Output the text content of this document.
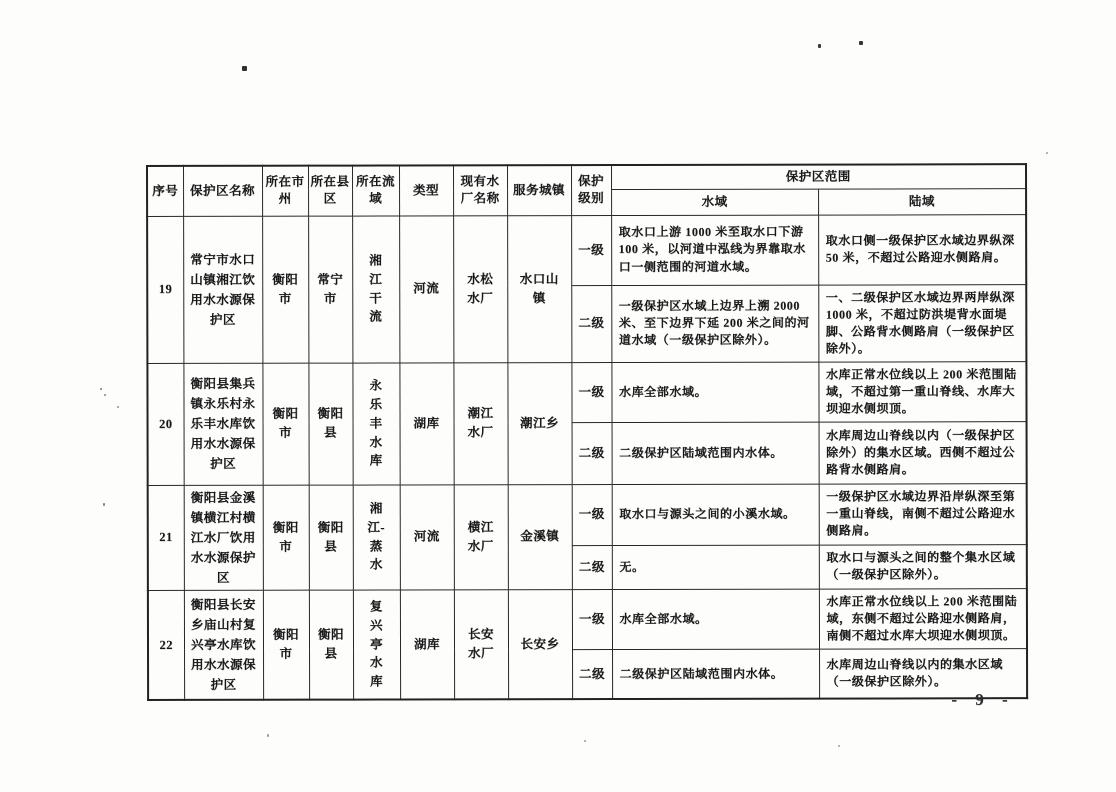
序号	保护区名称	所在市州	所在县区	所在流域	类型	现有水厂名称	服务城镇	保护级别	保护区范围	
									水域	陆域
19	常宁市水口山镇湘江饮用水水源保护区	衡阳市	常宁市	湘江干流	河流	水松水厂	水口山镇	一级	取水口上游 1000 米至取水口下游 100 米，以河道中泓线为界靠取水口一侧范围的河道水域。	取水口侧一级保护区水域边界纵深 50 米，不超过公路迎水侧路肩。
								二级	一级保护区水域上边界上溯 2000 米、至下边界下延 200 米之间的河道水域（一级保护区除外）。	一、二级保护区水域边界两岸纵深 1000 米，不超过防洪堤背水面堤脚、公路背水侧路肩（一级保护区除外）。
20	衡阳县集兵镇永乐村永乐丰水库饮用水水源保护区	衡阳市	衡阳县	永乐丰水库	湖库	潮江水厂	潮江乡	一级	水库全部水域。	水库正常水位线以上 200 米范围陆域，不超过第一重山脊线、水库大坝迎水侧坝顶。
								二级	二级保护区陆域范围内水体。	水库周边山脊线以内（一级保护区除外）的集水区域。西侧不超过公路背水侧路肩。
21	衡阳县金溪镇横江村横江水厂饮用水水源保护区	衡阳市	衡阳县	湘江-蒸水	河流	横江水厂	金溪镇	一级	取水口与源头之间的小溪水域。	一级保护区水域边界沿岸纵深至第一重山脊线，南侧不超过公路迎水侧路肩。
								二级	无。	取水口与源头之间的整个集水区域（一级保护区除外）。
22	衡阳县长安乡庙山村复兴亭水库饮用水水源保护区	衡阳市	衡阳县	复兴亭水库	湖库	长安水厂	长安乡	一级	水库全部水域。	水库正常水位线以上 200 米范围陆域，东侧不超过公路迎水侧路肩，南侧不超过水库大坝迎水侧坝顶。
								二级	二级保护区陆域范围内水体。	水库周边山脊线以内的集水区域（一级保护区除外）。
- 9 -
